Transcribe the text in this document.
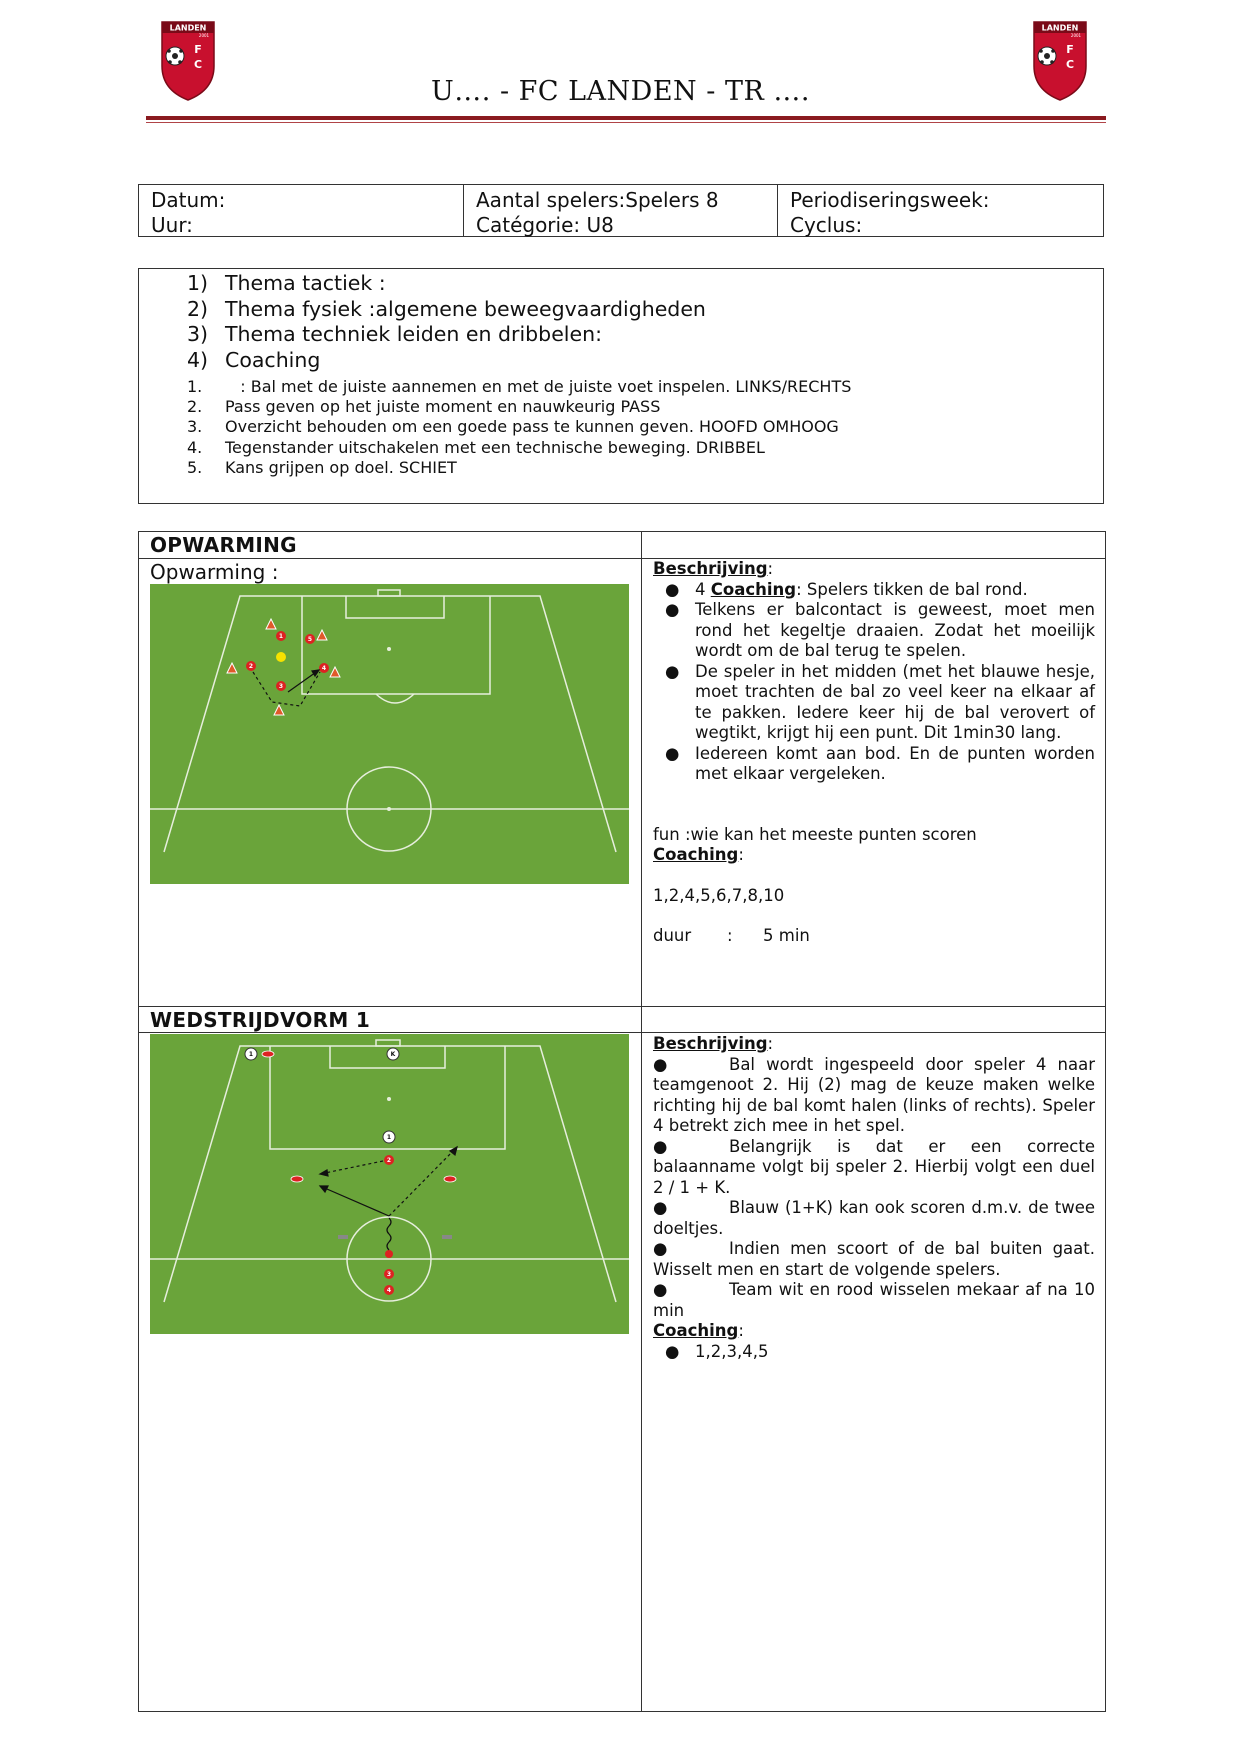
LANDEN
2001
F
C
LANDEN
2001
F
C
U…. - FC LANDEN - TR ….
Datum:
Uur:
Aantal spelers:Spelers 8
Catégorie: U8
Periodiseringsweek:
Cyclus:
1) Thema tactiek :
2) Thema fysiek :algemene beweegvaardigheden
3) Thema techniek leiden en dribbelen:
4) Coaching
1. : Bal met de juiste aannemen en met de juiste voet inspelen. LINKS/RECHTS
2. Pass geven op het juiste moment en nauwkeurig PASS
3. Overzicht behouden om een goede pass te kunnen geven. HOOFD OMHOOG
4. Tegenstander uitschakelen met een technische beweging. DRIBBEL
5. Kans grijpen op doel. SCHIET
OPWARMING
Opwarming :
1
2
3
4
5
Beschrijving:
● 4 Coaching: Spelers tikken de bal rond.
● Telkens er balcontact is geweest, moet men rond het kegeltje draaien. Zodat het moeilijk wordt om de bal terug te spelen.
● De speler in het midden (met het blauwe hesje, moet trachten de bal zo veel keer na elkaar af te pakken. Iedere keer hij de bal verovert of wegtikt, krijgt hij een punt. Dit 1min30 lang.
● Iedereen komt aan bod. En de punten worden met elkaar vergeleken.
fun :wie kan het meeste punten scoren
Coaching:
1,2,4,5,6,7,8,10
duur : 5 min
WEDSTRIJDVORM 1
1	K
1
2
3
4
Beschrijving:
●	Bal wordt ingespeeld door speler 4 naar teamgenoot 2. Hij (2) mag de keuze maken welke richting hij de bal komt halen (links of rechts). Speler 4 betrekt zich mee in het spel.
●	Belangrijk is dat er een correcte balaanname volgt bij speler 2. Hierbij volgt een duel 2 / 1 + K.
●	Blauw (1+K) kan ook scoren d.m.v. de twee doeltjes.
●	Indien men scoort of de bal buiten gaat. Wisselt men en start de volgende spelers.
●	Team wit en rood wisselen mekaar af na 10 min
Coaching:
● 1,2,3,4,5
